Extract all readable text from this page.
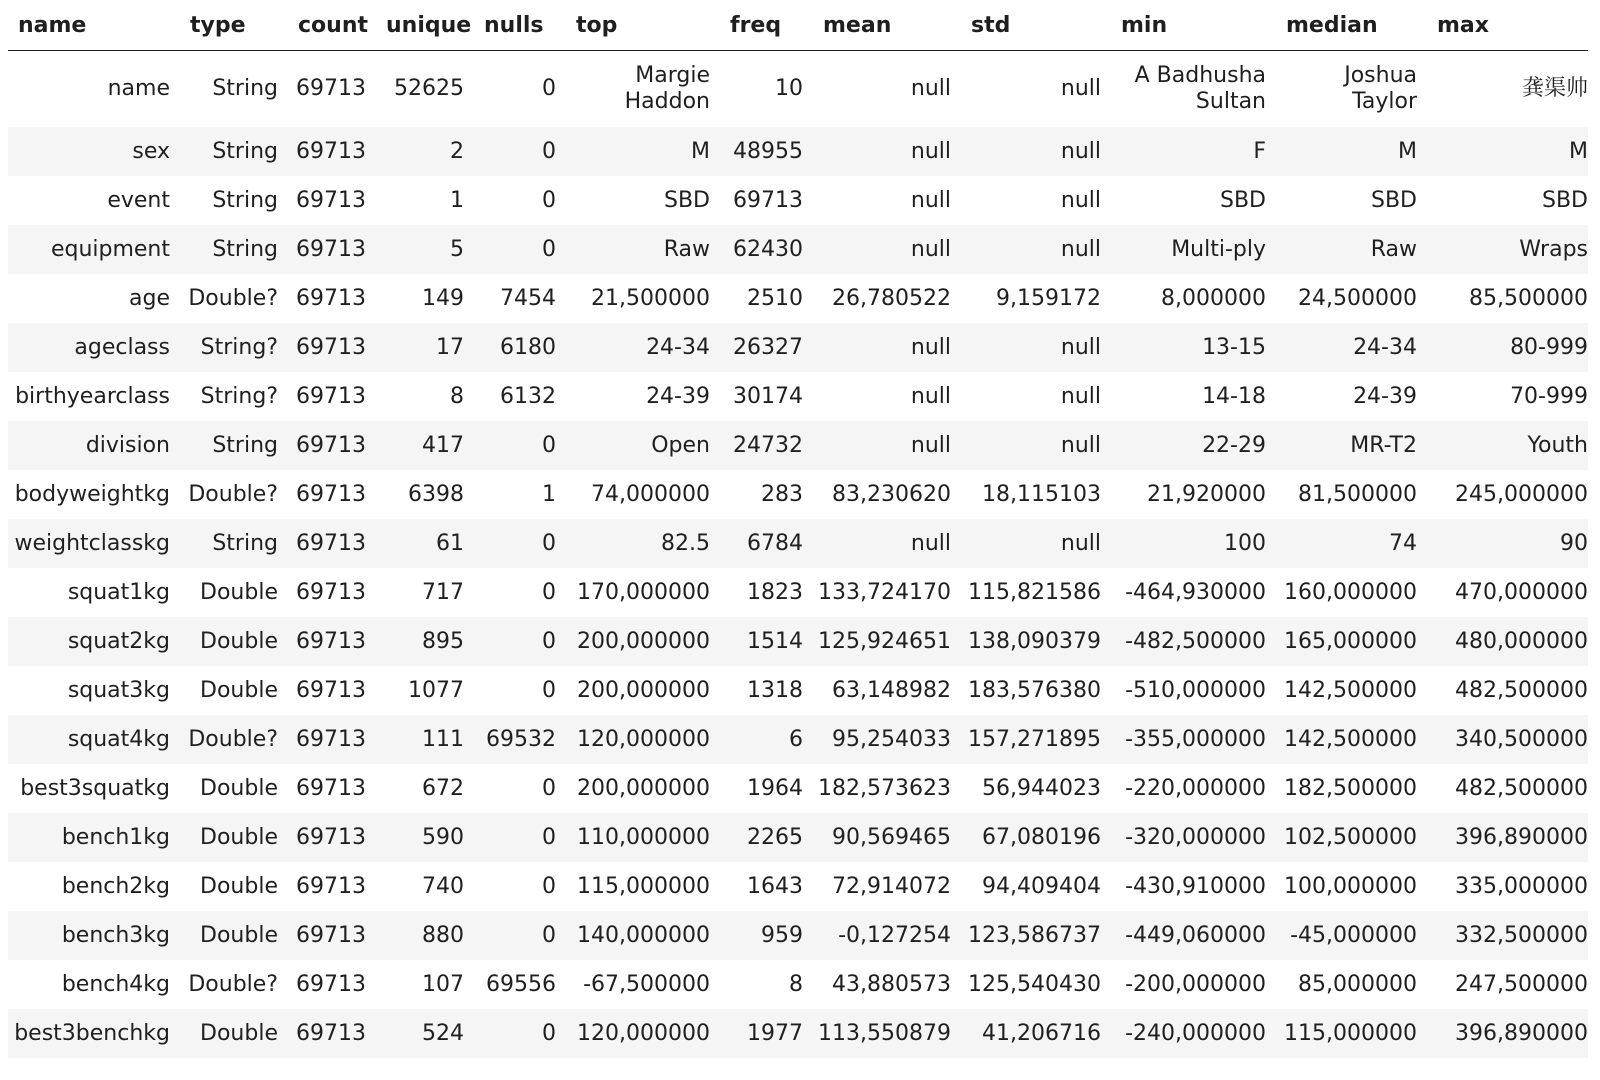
name	type	count	unique	nulls	top	freq	mean	std	min	median	max
name	String	69713	52625	0	Margie Haddon	10	null	null	A Badhusha Sultan	Joshua Taylor	龚渠帅
sex	String	69713	2	0	M	48955	null	null	F	M	M
event	String	69713	1	0	SBD	69713	null	null	SBD	SBD	SBD
equipment	String	69713	5	0	Raw	62430	null	null	Multi-ply	Raw	Wraps
age	Double?	69713	149	7454	21,500000	2510	26,780522	9,159172	8,000000	24,500000	85,500000
ageclass	String?	69713	17	6180	24-34	26327	null	null	13-15	24-34	80-999
birthyearclass	String?	69713	8	6132	24-39	30174	null	null	14-18	24-39	70-999
division	String	69713	417	0	Open	24732	null	null	22-29	MR-T2	Youth
bodyweightkg	Double?	69713	6398	1	74,000000	283	83,230620	18,115103	21,920000	81,500000	245,000000
weightclasskg	String	69713	61	0	82.5	6784	null	null	100	74	90
squat1kg	Double	69713	717	0	170,000000	1823	133,724170	115,821586	-464,930000	160,000000	470,000000
squat2kg	Double	69713	895	0	200,000000	1514	125,924651	138,090379	-482,500000	165,000000	480,000000
squat3kg	Double	69713	1077	0	200,000000	1318	63,148982	183,576380	-510,000000	142,500000	482,500000
squat4kg	Double?	69713	111	69532	120,000000	6	95,254033	157,271895	-355,000000	142,500000	340,500000
best3squatkg	Double	69713	672	0	200,000000	1964	182,573623	56,944023	-220,000000	182,500000	482,500000
bench1kg	Double	69713	590	0	110,000000	2265	90,569465	67,080196	-320,000000	102,500000	396,890000
bench2kg	Double	69713	740	0	115,000000	1643	72,914072	94,409404	-430,910000	100,000000	335,000000
bench3kg	Double	69713	880	0	140,000000	959	-0,127254	123,586737	-449,060000	-45,000000	332,500000
bench4kg	Double?	69713	107	69556	-67,500000	8	43,880573	125,540430	-200,000000	85,000000	247,500000
best3benchkg	Double	69713	524	0	120,000000	1977	113,550879	41,206716	-240,000000	115,000000	396,890000
